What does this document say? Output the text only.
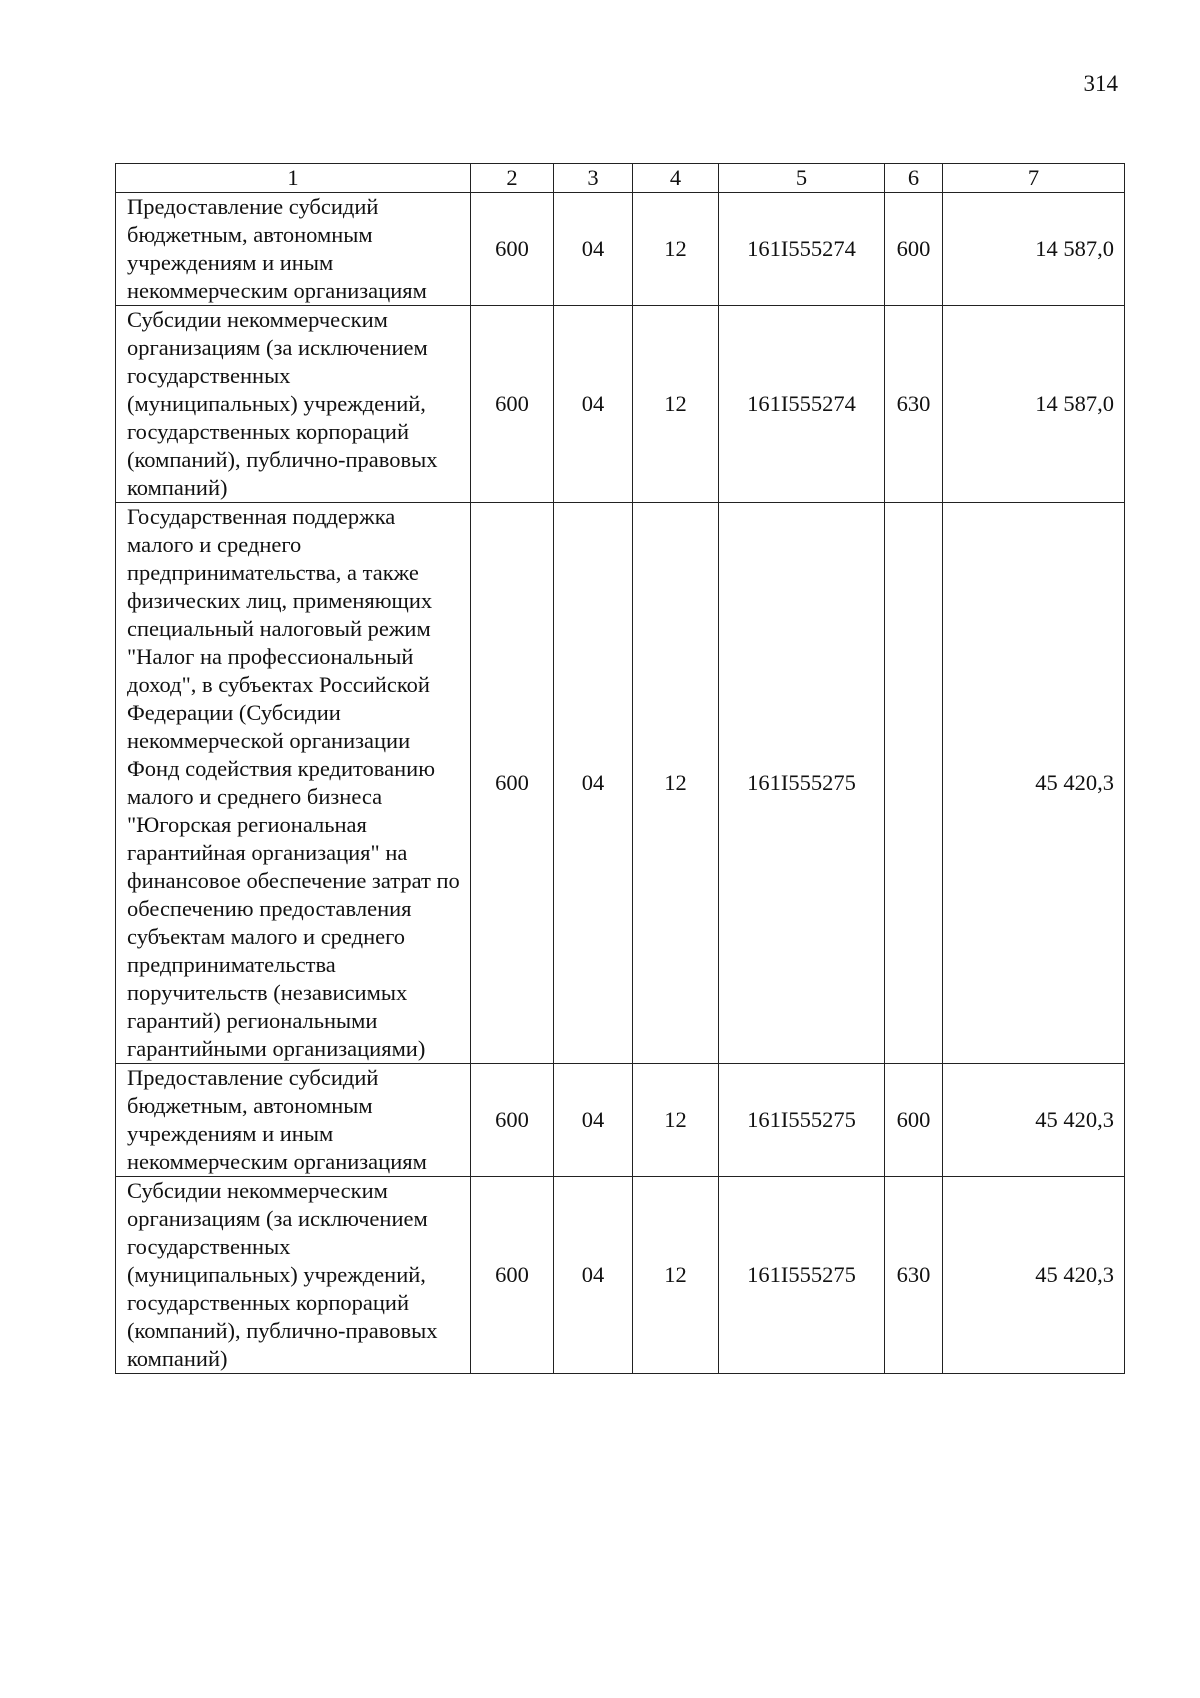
314
1	2	3	4	5	6	7
Предоставление субсидий бюджетным, автономным учреждениям и иным некоммерческим организациям	600	04	12	161I555274	600	14 587,0
Субсидии некоммерческим организациям (за исключением государственных (муниципальных) учреждений, государственных корпораций (компаний), публично-правовых компаний)	600	04	12	161I555274	630	14 587,0
Государственная поддержка малого и среднего предпринимательства, а также физических лиц, применяющих специальный налоговый режим "Налог на профессиональный доход", в субъектах Российской Федерации (Субсидии некоммерческой организации Фонд содействия кредитованию малого и среднего бизнеса "Югорская региональная гарантийная организация" на финансовое обеспечение затрат по обеспечению предоставления субъектам малого и среднего предпринимательства поручительств (независимых гарантий) региональными гарантийными организациями)	600	04	12	161I555275		45 420,3
Предоставление субсидий бюджетным, автономным учреждениям и иным некоммерческим организациям	600	04	12	161I555275	600	45 420,3
Субсидии некоммерческим организациям (за исключением государственных (муниципальных) учреждений, государственных корпораций (компаний), публично-правовых компаний)	600	04	12	161I555275	630	45 420,3
